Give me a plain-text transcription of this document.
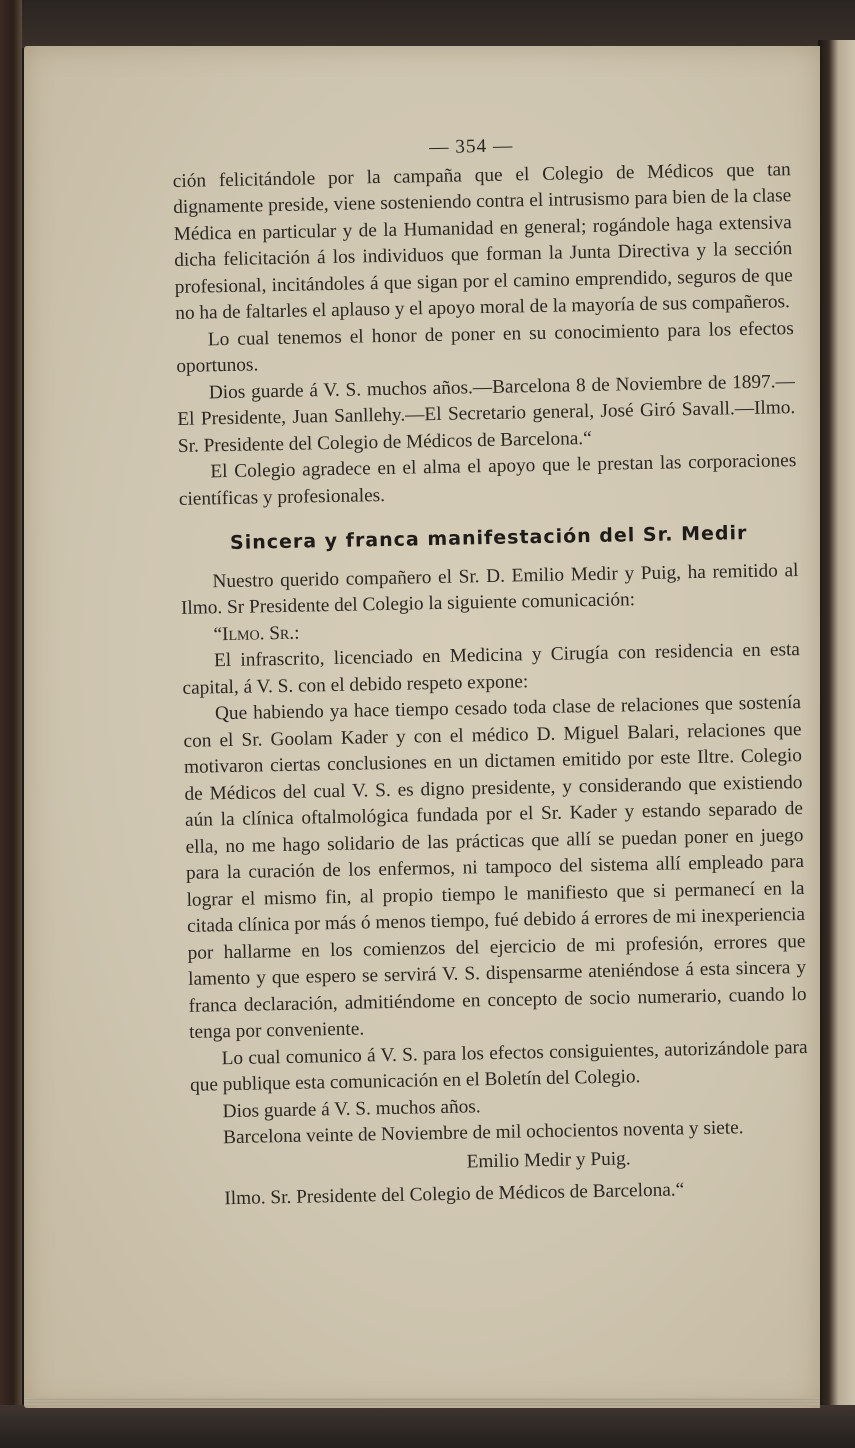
— 354 —

ción felicitándole por la campaña que el Colegio de Médicos que tan dignamente preside, viene sosteniendo contra el intrusismo para bien de la clase Médica en particular y de la Humanidad en general; rogándole haga extensiva dicha felicitación á los individuos que forman la Junta Directiva y la sección profesional, incitándoles á que sigan por el camino emprendido, seguros de que no ha de faltarles el aplauso y el apoyo moral de la mayoría de sus compañeros.

Lo cual tenemos el honor de poner en su conocimiento para los efectos oportunos.

Dios guarde á V. S. muchos años.—Barcelona 8 de Noviembre de 1897.—El Presidente, Juan Sanllehy.—El Secretario general, José Giró Savall.—Ilmo. Sr. Presidente del Colegio de Médicos de Barcelona.“

El Colegio agradece en el alma el apoyo que le prestan las corporaciones científicas y profesionales.

Sincera y franca manifestación del Sr. Medir

Nuestro querido compañero el Sr. D. Emilio Medir y Puig, ha remitido al Ilmo. Sr Presidente del Colegio la siguiente comunicación:

“Ilmo. Sr.:

El infrascrito, licenciado en Medicina y Cirugía con residencia en esta capital, á V. S. con el debido respeto expone:

Que habiendo ya hace tiempo cesado toda clase de relaciones que sostenía con el Sr. Goolam Kader y con el médico D. Miguel Balari, relaciones que motivaron ciertas conclusiones en un dictamen emitido por este Iltre. Colegio de Médicos del cual V. S. es digno presidente, y considerando que existiendo aún la clínica oftalmológica fundada por el Sr. Kader y estando separado de ella, no me hago solidario de las prácticas que allí se puedan poner en juego para la curación de los enfermos, ni tampoco del sistema allí empleado para lograr el mismo fin, al propio tiempo le manifiesto que si permanecí en la citada clínica por más ó menos tiempo, fué debido á errores de mi inexperiencia por hallarme en los comienzos del ejercicio de mi profesión, errores que lamento y que espero se servirá V. S. dispensarme ateniéndose á esta sincera y franca declaración, admitiéndome en concepto de socio numerario, cuando lo tenga por conveniente.

Lo cual comunico á V. S. para los efectos consiguientes, autorizándole para que publique esta comunicación en el Boletín del Colegio.

Dios guarde á V. S. muchos años.

Barcelona veinte de Noviembre de mil ochocientos noventa y siete.

Emilio Medir y Puig.

Ilmo. Sr. Presidente del Colegio de Médicos de Barcelona.“
